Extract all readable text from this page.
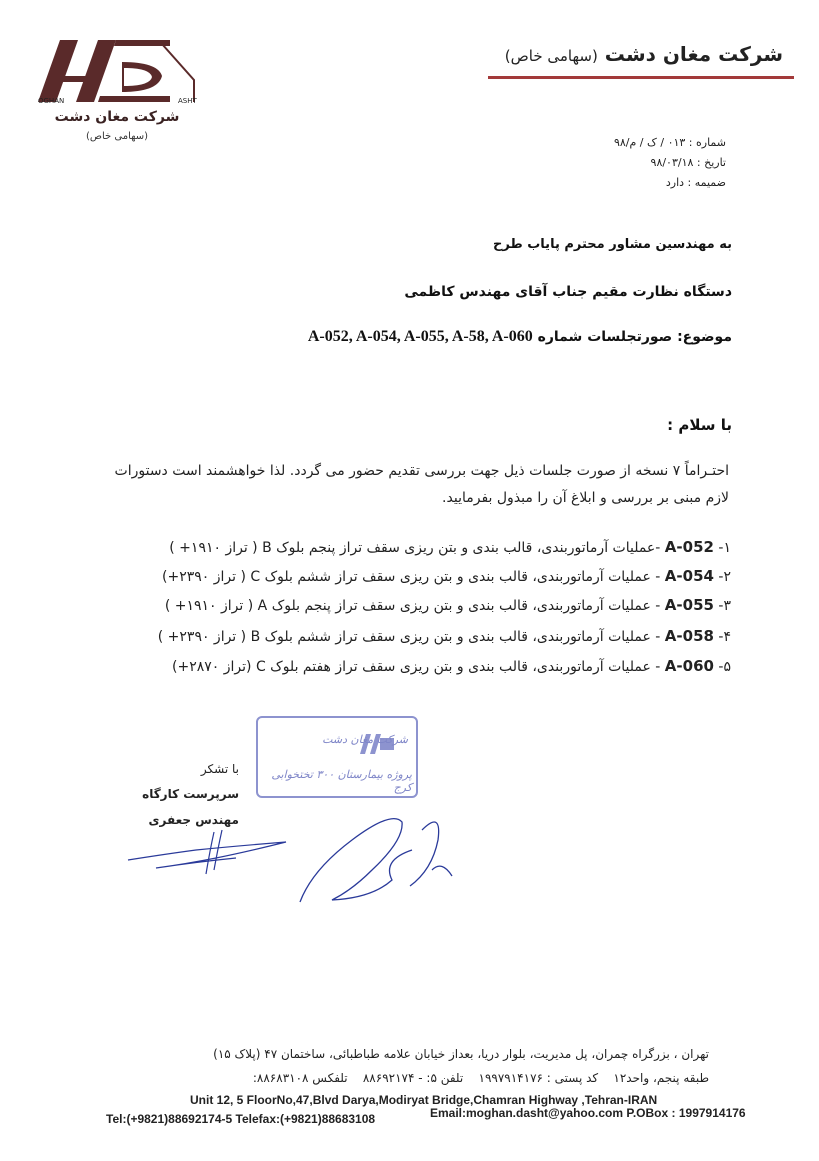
OGHAN	ASHT
شرکت مغان دشت
(سهامی خاص)
شرکت مغان دشت (سهامی خاص)
شماره : ۰۱۳ / ک / م/۹۸
تاریخ : ۹۸/۰۳/۱۸
ضمیمه : دارد
به مهندسین مشاور محترم پایاب طرح
دستگاه نظارت مقیم جناب آقای مهندس کاظمی
موضوع: صورتجلسات شماره A-052, A-054, A-055, A-58, A-060
با سلام :
احتـراماً ۷ نسخه از صورت جلسات ذیل جهت بررسی تقدیم حضور می گردد. لذا خواهشمند است دستورات لازم مبنی بر بررسی و ابلاغ آن را مبذول بفرمایید.
۱- A-052 -عملیات آرماتوربندی، قالب بندی و بتن ریزی سقف تراز پنجم بلوک B ( تراز ۱۹۱۰+ )
۲- A-054 - عملیات آرماتوربندی، قالب بندی و بتن ریزی سقف تراز ششم بلوک C ( تراز ۲۳۹۰+)
۳- A-055 - عملیات آرماتوربندی، قالب بندی و بتن ریزی سقف تراز پنجم بلوک A ( تراز ۱۹۱۰+ )
۴- A-058 - عملیات آرماتوربندی، قالب بندی و بتن ریزی سقف تراز ششم بلوک B ( تراز ۲۳۹۰+ )
۵- A-060 - عملیات آرماتوربندی، قالب بندی و بتن ریزی سقف تراز هفتم بلوک C (تراز ۲۸۷۰+)
شرکت مغان دشت
پروژه بیمارستان ۳۰۰ تختخوابی کرج
با تشکر
سرپرست کارگاه
مهندس جعفری
تهران ، بزرگراه چمران، پل مدیریت، بلوار دریا، بعداز خیابان علامه طباطبائی، ساختمان ۴۷ (پلاک ۱۵)
طبقه پنجم، واحد۱۲    کد پستی : ۱۹۹۷۹۱۴۱۷۶    تلفن ۵: - ۸۸۶۹۲۱۷۴    تلفکس ۸۸۶۸۳۱۰۸:
Unit 12, 5 FloorNo,47,Blvd Darya,Modiryat Bridge,Chamran Highway ,Tehran-IRAN
Tel:(+9821)88692174-5 Telefax:(+9821)88683108	Email:moghan.dasht@yahoo.com P.OBox : 1997914176
